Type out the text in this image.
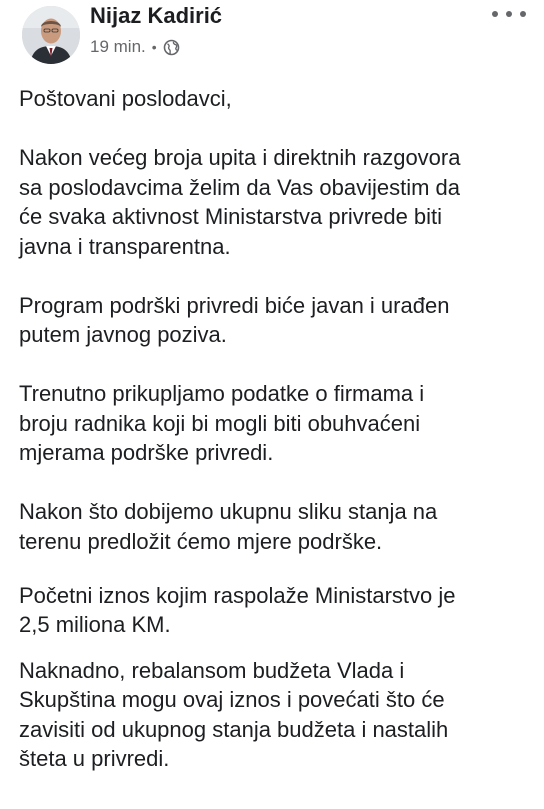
Nijaz Kadirić
19 min. •

Poštovani poslodavci,

Nakon većeg broja upita i direktnih razgovora
sa poslodavcima želim da Vas obavijestim da
će svaka aktivnost Ministarstva privrede biti
javna i transparentna.

Program podrški privredi biće javan i urađen
putem javnog poziva.

Trenutno prikupljamo podatke o firmama i
broju radnika koji bi mogli biti obuhvaćeni
mjerama podrške privredi.

Nakon što dobijemo ukupnu sliku stanja na
terenu predložit ćemo mjere podrške.

Početni iznos kojim raspolaže Ministarstvo je
2,5 miliona KM.

Naknadno, rebalansom budžeta Vlada i
Skupština mogu ovaj iznos i povećati što će
zavisiti od ukupnog stanja budžeta i nastalih
šteta u privredi.
